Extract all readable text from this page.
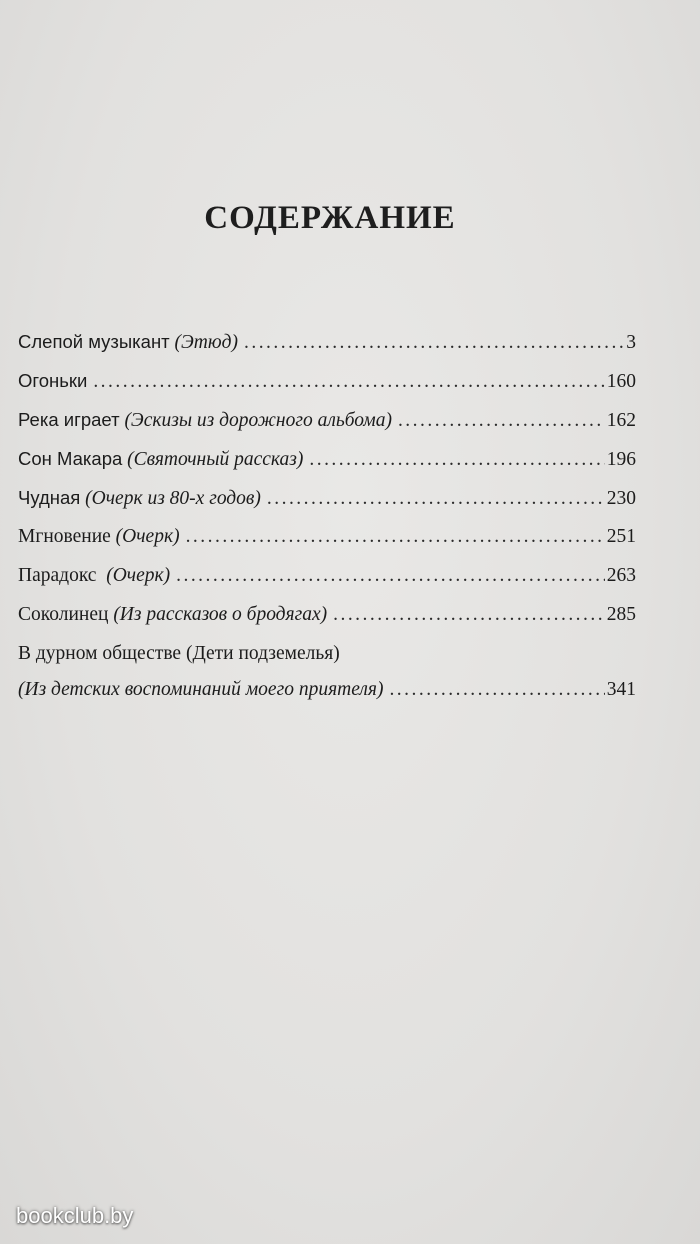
СОДЕРЖАНИЕ
Слепой музыкант
(Этюд) . . .	3
Огоньки . . .	160
Река играет
(Эскизы из дорожного альбома) . . .	162
Сон Макара
(Святочный рассказ) . . .	196
Чудная
(Очерк из 80-х годов) . . .	230
Мгновение
(Очерк) . . .	251
Парадокс
(Очерк) . . .	263
Соколинец
(Из рассказов о бродягах) . . .	285
В дурном обществе (Дети подземелья)
(Из детских воспоминаний моего приятеля) . . .	341
bookclub.by
